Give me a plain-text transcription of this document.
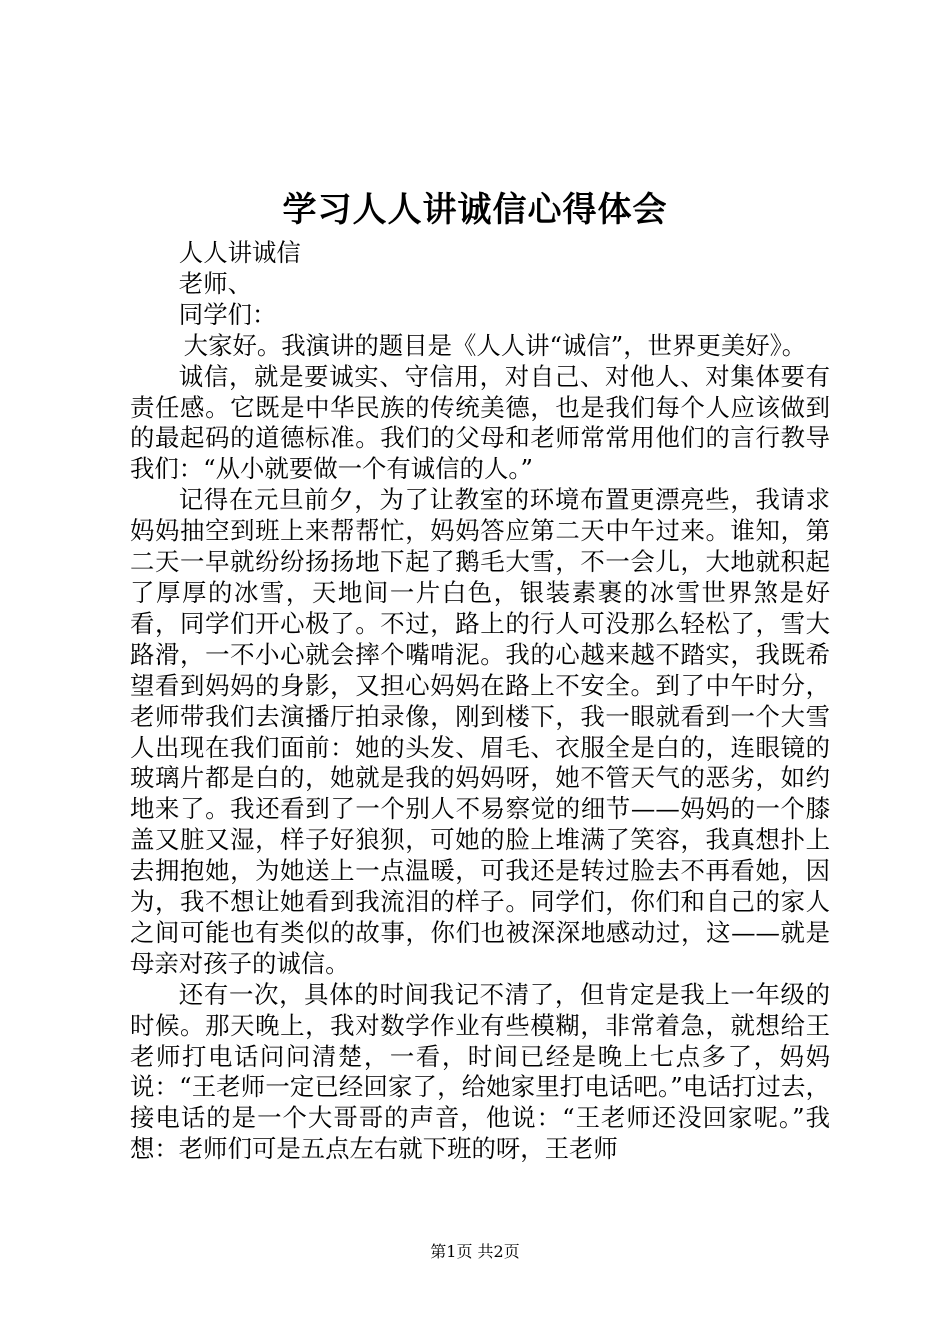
学习人人讲诚信心得体会

人人讲诚信

老师、

同学们：

大家好。我演讲的题目是《人人讲“诚信”，世界更美好》。

诚信，就是要诚实、守信用，对自己、对他人、对集体要有责任感。它既是中华民族的传统美德，也是我们每个人应该做到的最起码的道德标准。我们的父母和老师常常用他们的言行教导我们：“从小就要做一个有诚信的人。”

记得在元旦前夕，为了让教室的环境布置更漂亮些，我请求妈妈抽空到班上来帮帮忙，妈妈答应第二天中午过来。谁知，第二天一早就纷纷扬扬地下起了鹅毛大雪，不一会儿，大地就积起了厚厚的冰雪，天地间一片白色，银装素裹的冰雪世界煞是好看，同学们开心极了。不过，路上的行人可没那么轻松了，雪大路滑，一不小心就会摔个嘴啃泥。我的心越来越不踏实，我既希望看到妈妈的身影，又担心妈妈在路上不安全。到了中午时分，老师带我们去演播厅拍录像，刚到楼下，我一眼就看到一个大雪人出现在我们面前：她的头发、眉毛、衣服全是白的，连眼镜的玻璃片都是白的，她就是我的妈妈呀，她不管天气的恶劣，如约地来了。我还看到了一个别人不易察觉的细节——妈妈的一个膝盖又脏又湿，样子好狼狈，可她的脸上堆满了笑容，我真想扑上去拥抱她，为她送上一点温暖，可我还是转过脸去不再看她，因为，我不想让她看到我流泪的样子。同学们，你们和自己的家人之间可能也有类似的故事，你们也被深深地感动过，这——就是母亲对孩子的诚信。

还有一次，具体的时间我记不清了，但肯定是我上一年级的时候。那天晚上，我对数学作业有些模糊，非常着急，就想给王老师打电话问问清楚，一看，时间已经是晚上七点多了，妈妈说：“王老师一定已经回家了，给她家里打电话吧。”电话打过去，接电话的是一个大哥哥的声音，他说：“王老师还没回家呢。”我想：老师们可是五点左右就下班的呀，王老师

第1页 共2页
